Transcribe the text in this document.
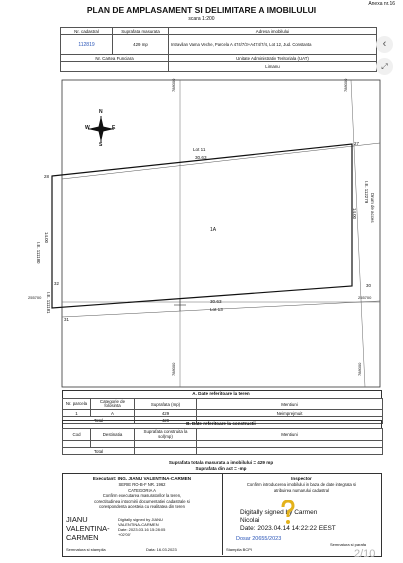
Anexa nr.16
PLAN DE AMPLASAMENT SI DELIMITARE A IMOBILULUI
scara 1:200
Nr. cadastral	Suprafata masurata	Adresa imobilului
112819	429 mp	Intravilan Vama Veche, Parcela A 474/7/3+A474/7/4, Lot 12, Jud. Constanta
Nr. Cartea Funciara		Unitate Administrativ Teritoriala (UAT)
		Limanu
‹
⤢
788000	788000
788000	788000
255700	255700
N
S
E
W
Lot 11
30.63
30.63
Lot 13
Drum de acces
I.E. 112279
14.00
I.E. 111180
14.00
I.E. 111181
1A
28
27
32	30
31
A. Date referitoare la teren
Nr. parcela	Categorie de folosinta	Suprafata (mp)	Mentiuni
1	A	429	Neimprejmuit
Total		429	
B. Date referitoare la constructii
Cod	Destinatia	Suprafata construita la sol(mp)	Mentiuni

Total			
Suprafata totala masurata a imobilului = 429 mp
Suprafata din act = -mp
Executant: ING. JIANU VALENTINA-CARMEN
SERIE RO-B-F NR. 1962
CATEGORIA A
Confirm executarea masuratorilor la teren,
corectitudinea intocmirii documentatiei cadastrale si
corespondenta acesteia cu realitatea din teren
JIANU
VALENTINA-
CARMEN
Digitally signed by JIANU
VALENTINA-CARMEN
Date: 2023.03.16 15:28:05
+02'00'
Semnatura si stampila	Data: 16.03.2023
Inspector
Confirm introducerea imobilului in baza de date integrata si
atribuirea numarului cadastral
Digitally signed by Carmen
Nicolai
Date: 2023.04.14 14:22:22 EEST
Dosar 20655/2023
Semnatura si parafa
Stampila BCPI	2/10
